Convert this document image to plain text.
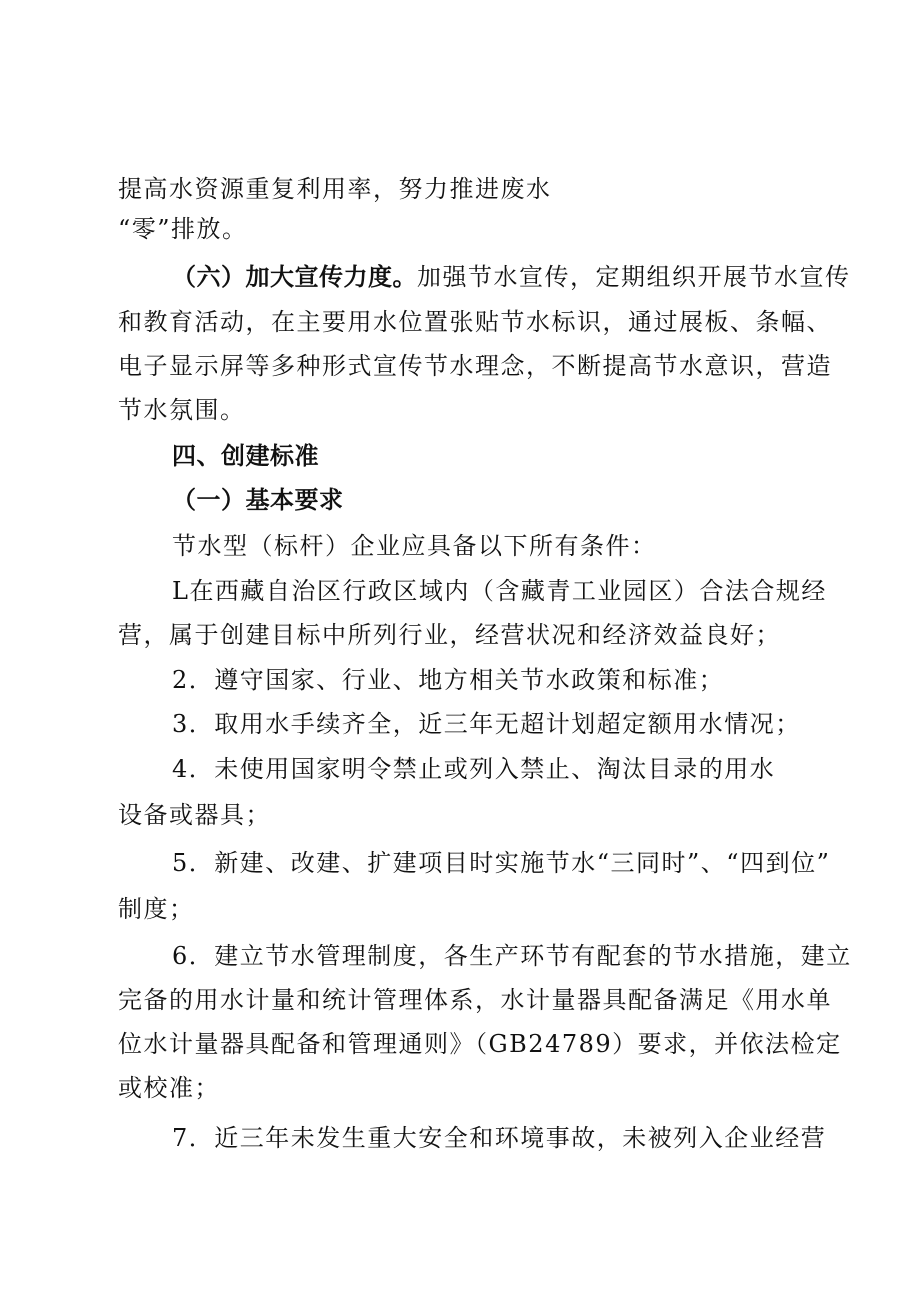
提高水资源重复利用率，努力推进废水
“零”排放。
（六）加大宣传力度。加强节水宣传，定期组织开展节水宣传
和教育活动，在主要用水位置张贴节水标识，通过展板、条幅、
电子显示屏等多种形式宣传节水理念，不断提高节水意识，营造
节水氛围。
四、创建标准
（一）基本要求
节水型（标杆）企业应具备以下所有条件：
L在西藏自治区行政区域内（含藏青工业园区）合法合规经
营，属于创建目标中所列行业，经营状况和经济效益良好；
2．遵守国家、行业、地方相关节水政策和标准；
3．取用水手续齐全，近三年无超计划超定额用水情况；
4．未使用国家明令禁止或列入禁止、淘汰目录的用水
设备或器具；
5．新建、改建、扩建项目时实施节水“三同时”、“四到位”
制度；
6．建立节水管理制度，各生产环节有配套的节水措施，建立
完备的用水计量和统计管理体系，水计量器具配备满足《用水单
位水计量器具配备和管理通则》（GB24789）要求，并依法检定
或校准；
7．近三年未发生重大安全和环境事故，未被列入企业经营
